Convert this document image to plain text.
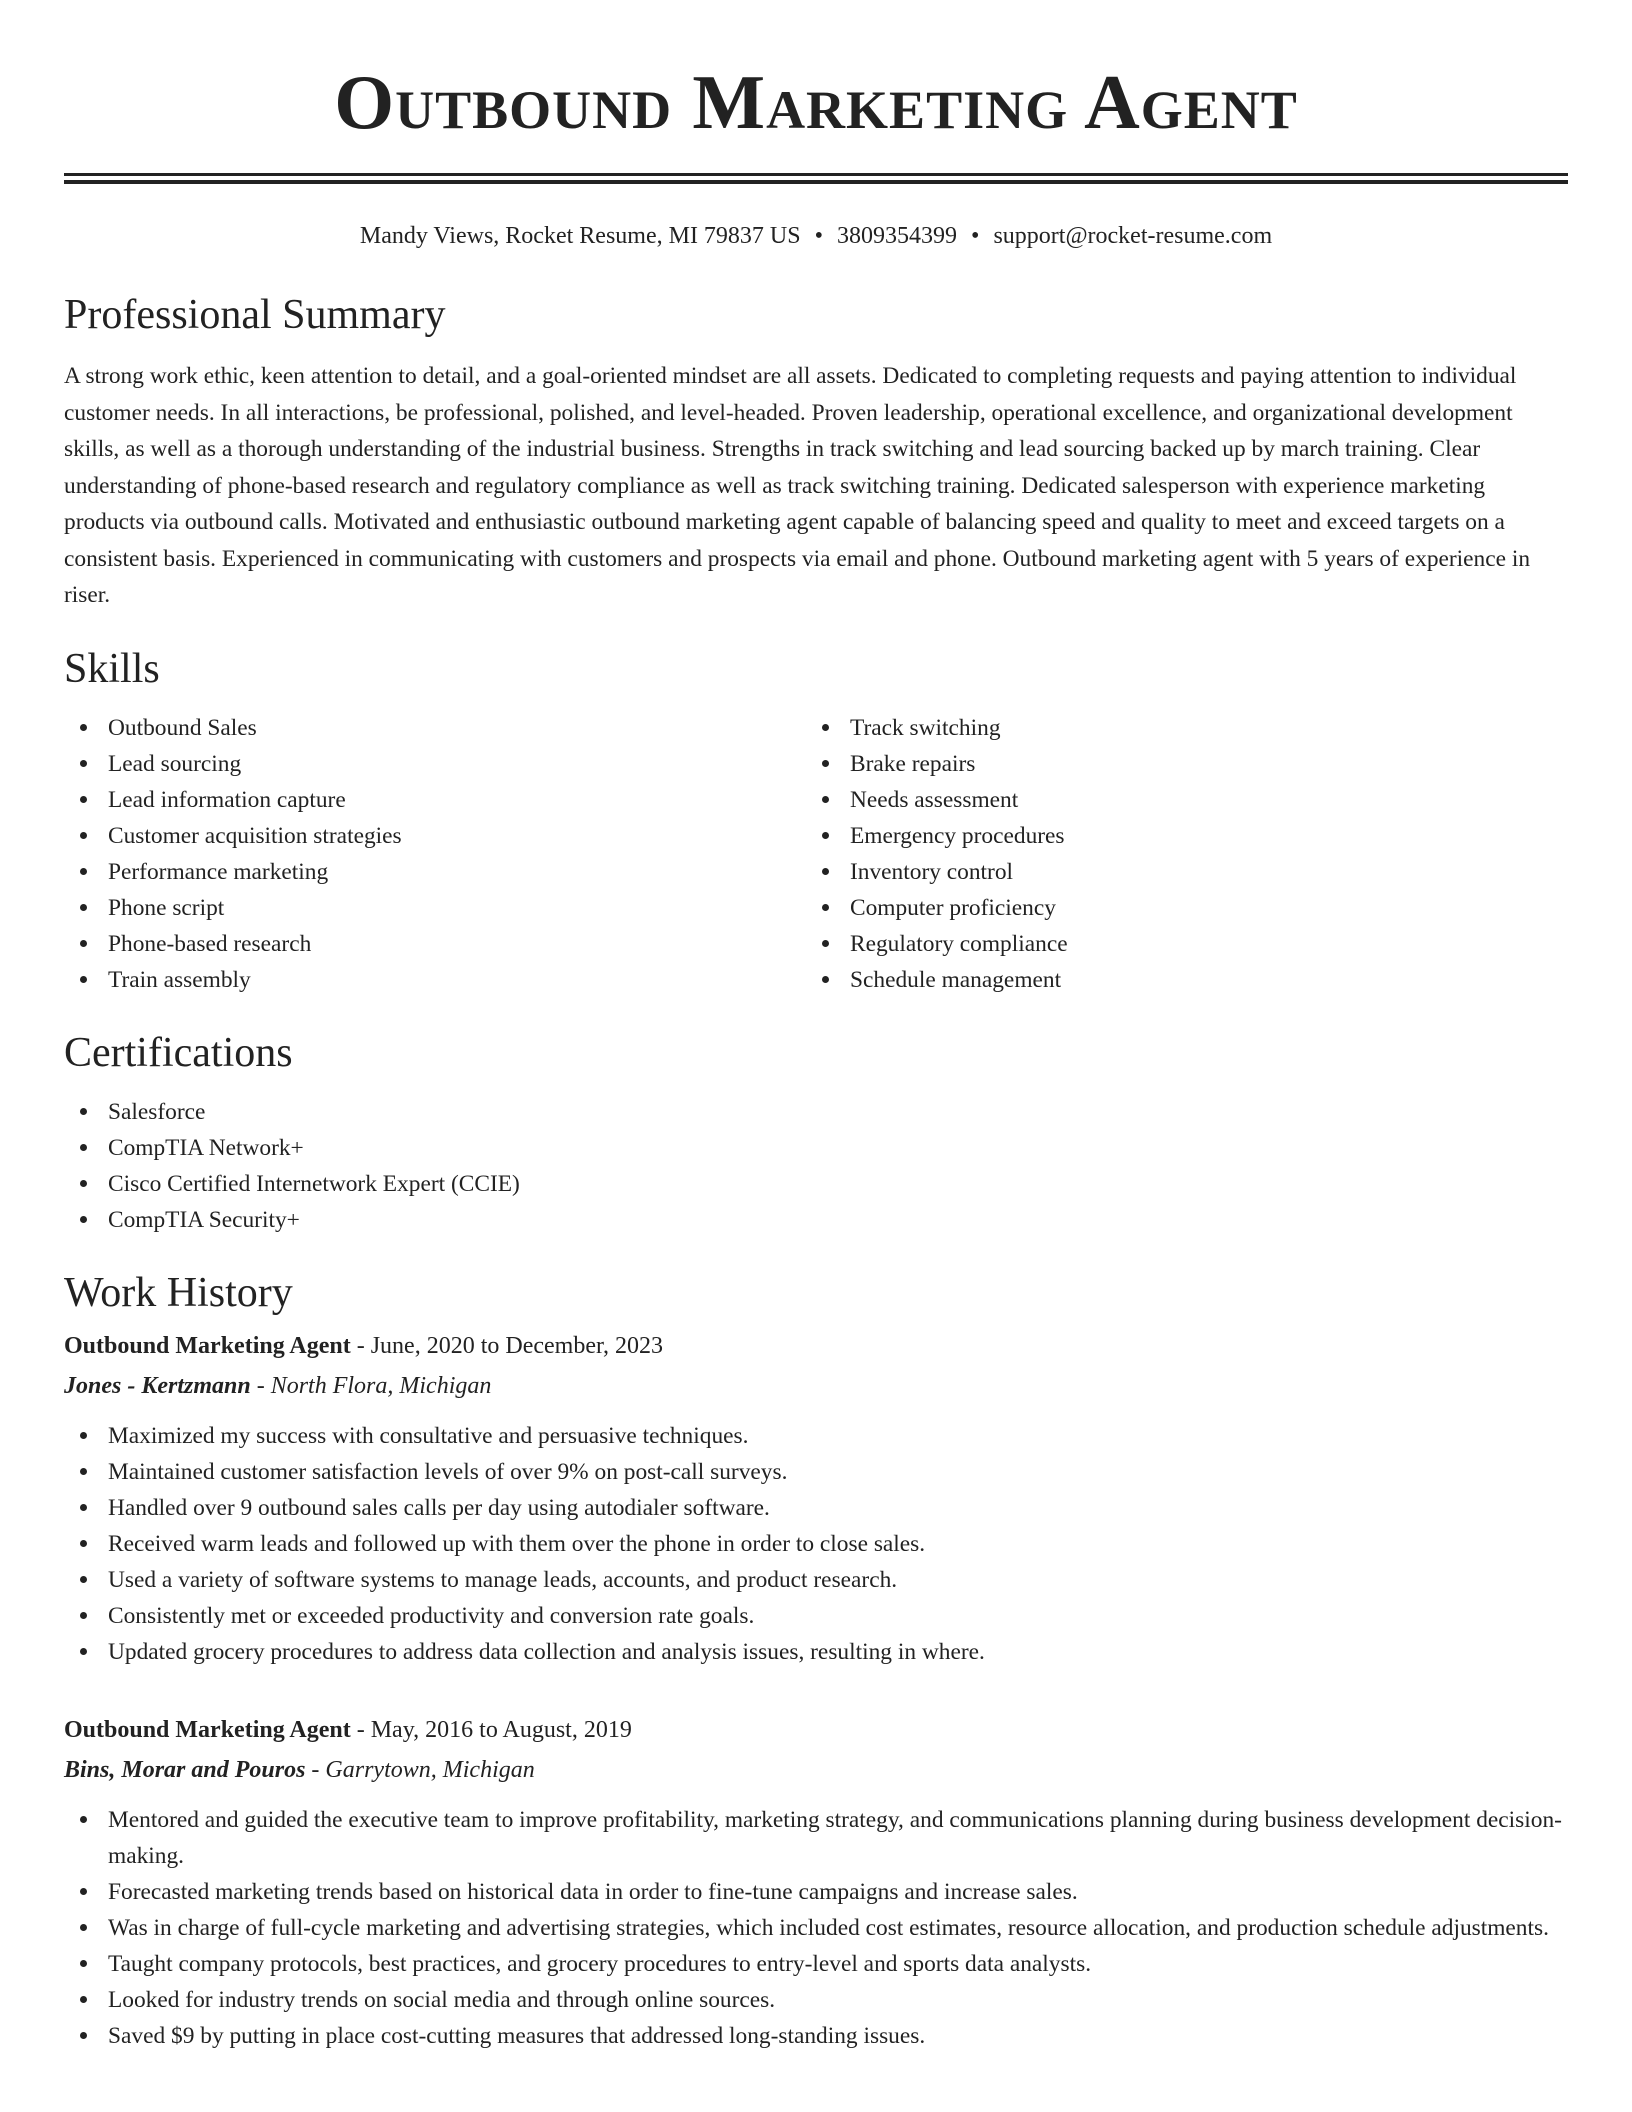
Outbound Marketing Agent
Mandy Views, Rocket Resume, MI 79837 US • 3809354399 • support@rocket-resume.com
Professional Summary

A strong work ethic, keen attention to detail, and a goal-oriented mindset are all assets. Dedicated to completing requests and paying attention to individual customer needs. In all interactions, be professional, polished, and level-headed. Proven leadership, operational excellence, and organizational development skills, as well as a thorough understanding of the industrial business. Strengths in track switching and lead sourcing backed up by march training. Clear understanding of phone-based research and regulatory compliance as well as track switching training. Dedicated salesperson with experience marketing products via outbound calls. Motivated and enthusiastic outbound marketing agent capable of balancing speed and quality to meet and exceed targets on a consistent basis. Experienced in communicating with customers and prospects via email and phone. Outbound marketing agent with 5 years of experience in riser.

Skills
Outbound Sales
Lead sourcing
Lead information capture
Customer acquisition strategies
Performance marketing
Phone script
Phone-based research
Train assembly
Track switching
Brake repairs
Needs assessment
Emergency procedures
Inventory control
Computer proficiency
Regulatory compliance
Schedule management
Certifications
Salesforce
CompTIA Network+
Cisco Certified Internetwork Expert (CCIE)
CompTIA Security+
Work History
Outbound Marketing Agent - June, 2020 to December, 2023
Jones - Kertzmann - North Flora, Michigan
Maximized my success with consultative and persuasive techniques.
Maintained customer satisfaction levels of over 9% on post-call surveys.
Handled over 9 outbound sales calls per day using autodialer software.
Received warm leads and followed up with them over the phone in order to close sales.
Used a variety of software systems to manage leads, accounts, and product research.
Consistently met or exceeded productivity and conversion rate goals.
Updated grocery procedures to address data collection and analysis issues, resulting in where.
Outbound Marketing Agent - May, 2016 to August, 2019
Bins, Morar and Pouros - Garrytown, Michigan
Mentored and guided the executive team to improve profitability, marketing strategy, and communications planning during business development decision-making.
Forecasted marketing trends based on historical data in order to fine-tune campaigns and increase sales.
Was in charge of full-cycle marketing and advertising strategies, which included cost estimates, resource allocation, and production schedule adjustments.
Taught company protocols, best practices, and grocery procedures to entry-level and sports data analysts.
Looked for industry trends on social media and through online sources.
Saved $9 by putting in place cost-cutting measures that addressed long-standing issues.
